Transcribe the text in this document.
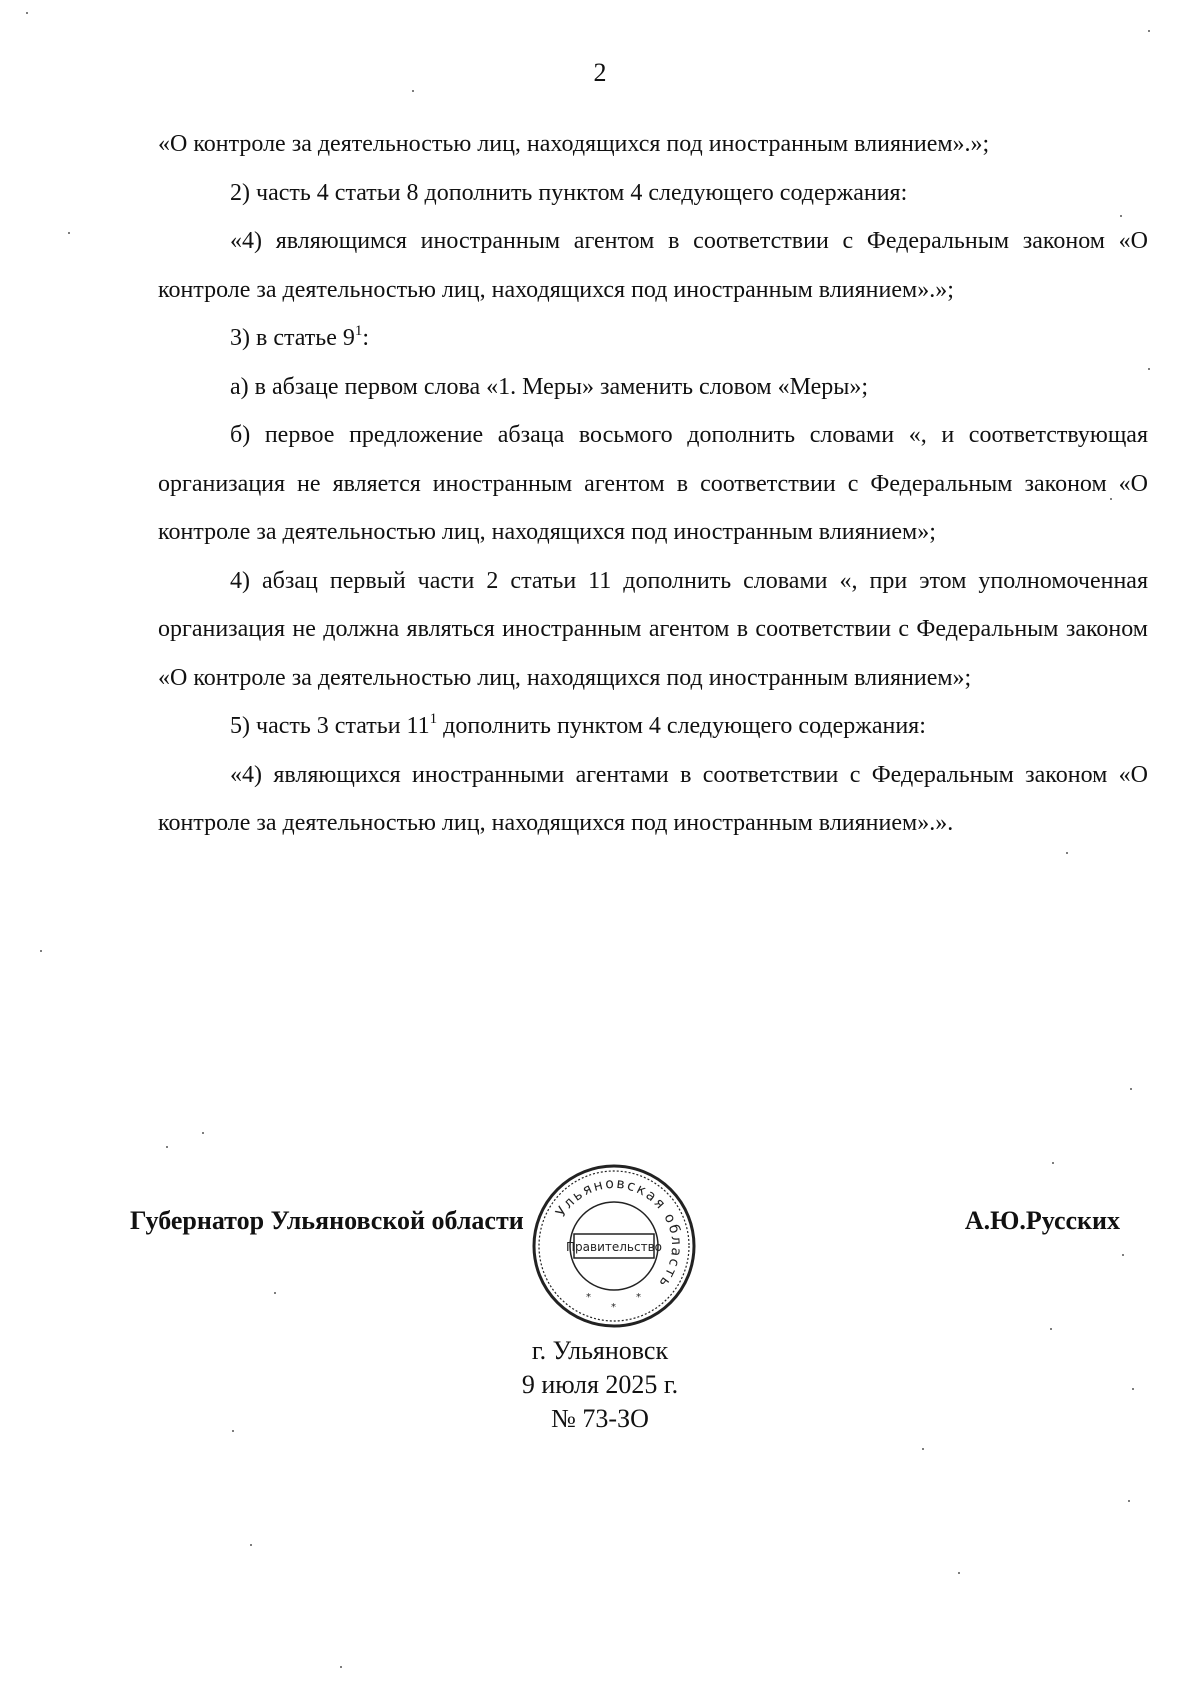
2

«О контроле за деятельностью лиц, находящихся под иностранным влиянием».»;

2) часть 4 статьи 8 дополнить пунктом 4 следующего содержания:

«4) являющимся иностранным агентом в соответствии с Федеральным законом «О контроле за деятельностью лиц, находящихся под иностранным влиянием».»;

3) в статье $9^1$:

а) в абзаце первом слова «1. Меры» заменить словом «Меры»;

б) первое предложение абзаца восьмого дополнить словами «, и соответствующая организация не является иностранным агентом в соответствии с Федеральным законом «О контроле за деятельностью лиц, находящихся под иностранным влиянием»;

4) абзац первый части 2 статьи 11 дополнить словами «, при этом уполномоченная организация не должна являться иностранным агентом в соответствии с Федеральным законом «О контроле за деятельностью лиц, находящихся под иностранным влиянием»;

5) часть 3 статьи $11^1$ дополнить пунктом 4 следующего содержания:

«4) являющихся иностранными агентами в соответствии с Федеральным законом «О контроле за деятельностью лиц, находящихся под иностранным влиянием».».

Губернатор Ульяновской области	А.Ю.Русских
Ульяновская область
Правительство
*
*
*
г. Ульяновск
9 июля 2025 г.
№ 73-ЗО
